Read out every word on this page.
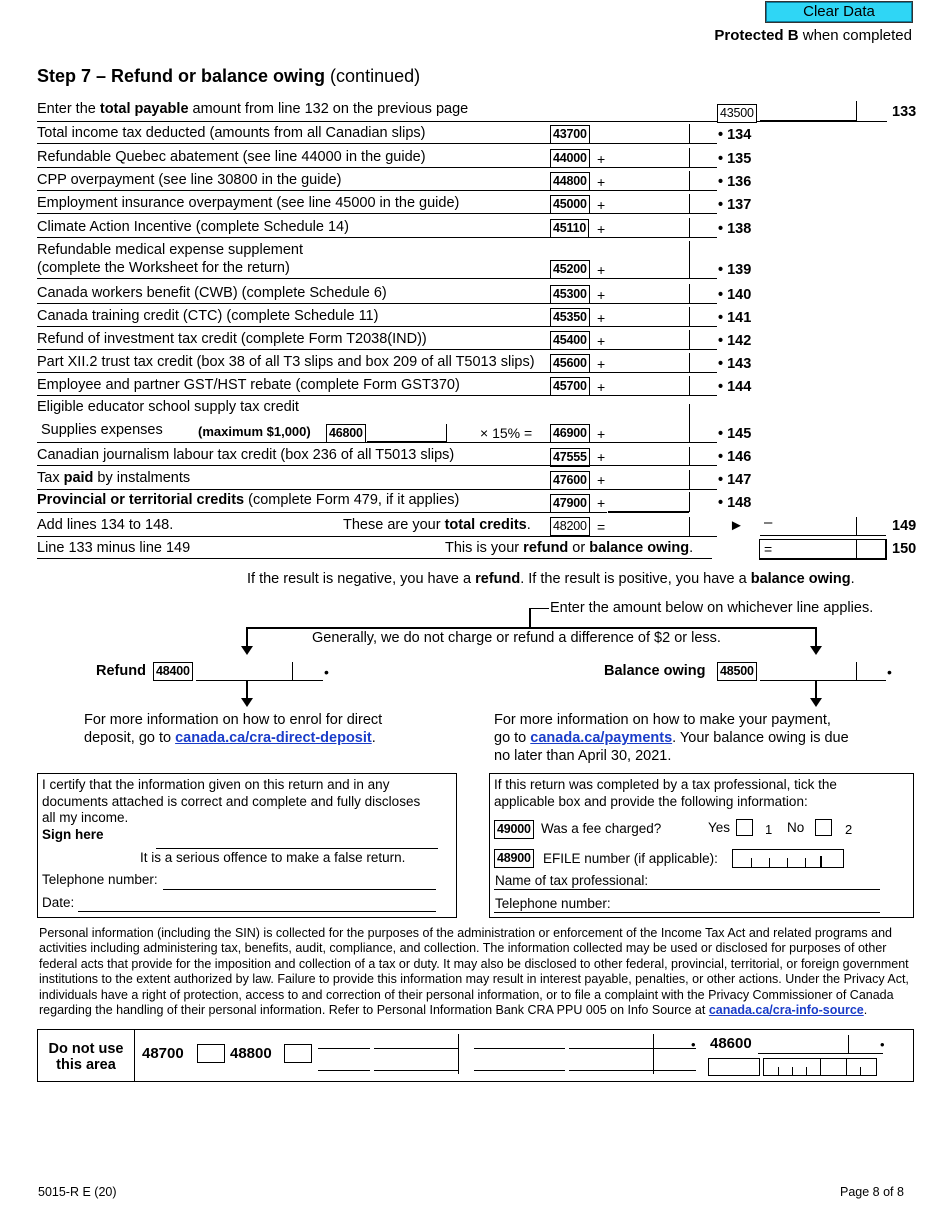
Clear Data
Protected B when completed
Step 7 – Refund or balance owing (continued)
Enter the total payable amount from line 132 on the previous page	43500	133
Total income tax deducted (amounts from all Canadian slips)	43700	• 134
Refundable Quebec abatement (see line 44000 in the guide)	44000 +	• 135
CPP overpayment (see line 30800 in the guide)	44800 +	• 136
Employment insurance overpayment (see line 45000 in the guide)	45000 +	• 137
Climate Action Incentive (complete Schedule 14)	45110 +	• 138
Refundable medical expense supplement
(complete the Worksheet for the return)	45200 +	• 139
Canada workers benefit (CWB) (complete Schedule 6)	45300 +	• 140
Canada training credit (CTC) (complete Schedule 11)	45350 +	• 141
Refund of investment tax credit (complete Form T2038(IND))	45400 +	• 142
Part XII.2 trust tax credit (box 38 of all T3 slips and box 209 of all T5013 slips) 45600 +	• 143
Employee and partner GST/HST rebate (complete Form GST370)	45700 +	• 144
Eligible educator school supply tax credit
Supplies expenses	(maximum $1,000) 46800	× 15% = 46900 +	• 145
Canadian journalism labour tax credit (box 236 of all T5013 slips)	47555 +	• 146
Tax paid by instalments	47600 +	• 147
Provincial or territorial credits (complete Form 479, if it applies)	47900 +	• 148
Add lines 134 to 148.	These are your total credits. 48200 =	► –	149
Line 133 minus line 149	This is your refund or balance owing.	=	150
If the result is negative, you have a refund. If the result is positive, you have a balance owing.
Enter the amount below on whichever line applies.
Generally, we do not charge or refund a difference of $2 or less.
Refund 48400	•	Balance owing 48500	•
For more information on how to enrol for direct
deposit, go to canada.ca/cra-direct-deposit.
For more information on how to make your payment,
go to canada.ca/payments. Your balance owing is due
no later than April 30, 2021.
I certify that the information given on this return and in any
documents attached is correct and complete and fully discloses
all my income.
Sign here
It is a serious offence to make a false return.
Telephone number:
Date:
If this return was completed by a tax professional, tick the
applicable box and provide the following information:
49000 Was a fee charged?	Yes	1 No	2
48900 EFILE number (if applicable):
Name of tax professional:
Telephone number:
Personal information (including the SIN) is collected for the purposes of the administration or enforcement of the Income Tax Act and related programs and
activities including administering tax, benefits, audit, compliance, and collection. The information collected may be used or disclosed for purposes of other
federal acts that provide for the imposition and collection of a tax or duty. It may also be disclosed to other federal, provincial, territorial, or foreign government
institutions to the extent authorized by law. Failure to provide this information may result in interest payable, penalties, or other actions. Under the Privacy Act,
individuals have a right of protection, access to and correction of their personal information, or to file a complaint with the Privacy Commissioner of Canada
regarding the handling of their personal information. Refer to Personal Information Bank CRA PPU 005 on Info Source at canada.ca/cra-info-source.
Do not use
this area
48700	48800
• 48600	•
5015-R E (20)	Page 8 of 8
